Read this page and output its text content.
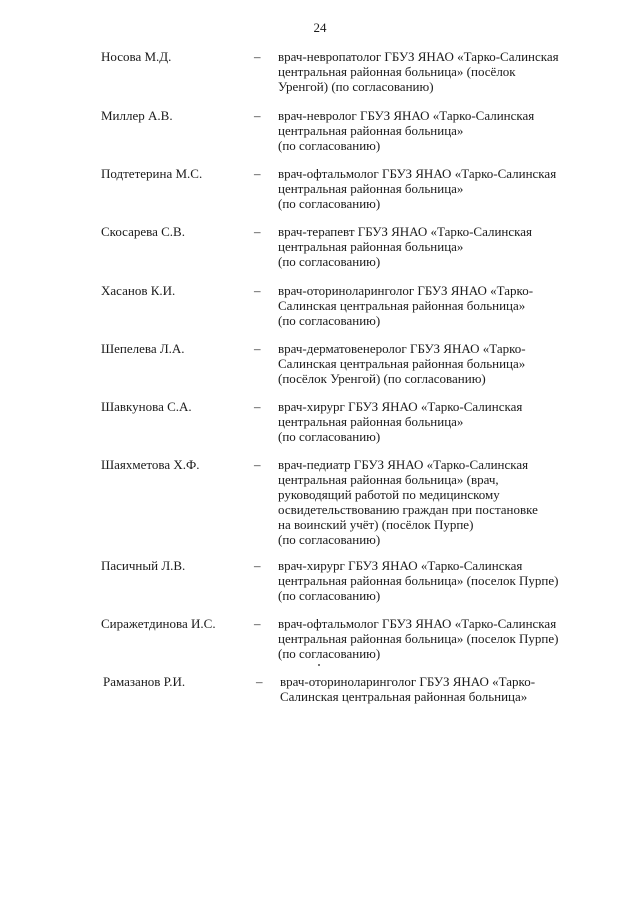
24
Носова М.Д.	– врач-невропатолог ГБУЗ ЯНАО «Тарко-Салинская
центральная районная больница» (посёлок
Уренгой) (по согласованию)
Миллер А.В.	– врач-невролог ГБУЗ ЯНАО «Тарко-Салинская
центральная районная больница»
(по согласованию)
Подтетерина М.С.	– врач-офтальмолог ГБУЗ ЯНАО «Тарко-Салинская
центральная районная больница»
(по согласованию)
Скосарева С.В.	– врач-терапевт ГБУЗ ЯНАО «Тарко-Салинская
центральная районная больница»
(по согласованию)
Хасанов К.И.	– врач-оториноларинголог ГБУЗ ЯНАО «Тарко-
Салинская центральная районная больница»
(по согласованию)
Шепелева Л.А.	– врач-дерматовенеролог ГБУЗ ЯНАО «Тарко-
Салинская центральная районная больница»
(посёлок Уренгой) (по согласованию)
Шавкунова С.А.	– врач-хирург ГБУЗ ЯНАО «Тарко-Салинская
центральная районная больница»
(по согласованию)
Шаяхметова Х.Ф.	– врач-педиатр ГБУЗ ЯНАО «Тарко-Салинская
центральная районная больница» (врач,
руководящий работой по медицинскому
освидетельствованию граждан при постановке
на воинский учёт) (посёлок Пурпе)
(по согласованию)
Пасичный Л.В.	– врач-хирург ГБУЗ ЯНАО «Тарко-Салинская
центральная районная больница» (поселок Пурпе)
(по согласованию)
Сиражетдинова И.С.	– врач-офтальмолог ГБУЗ ЯНАО «Тарко-Салинская
центральная районная больница» (поселок Пурпе)
(по согласованию)
Рамазанов Р.И.	– врач-оториноларинголог ГБУЗ ЯНАО «Тарко-
Салинская центральная районная больница»
